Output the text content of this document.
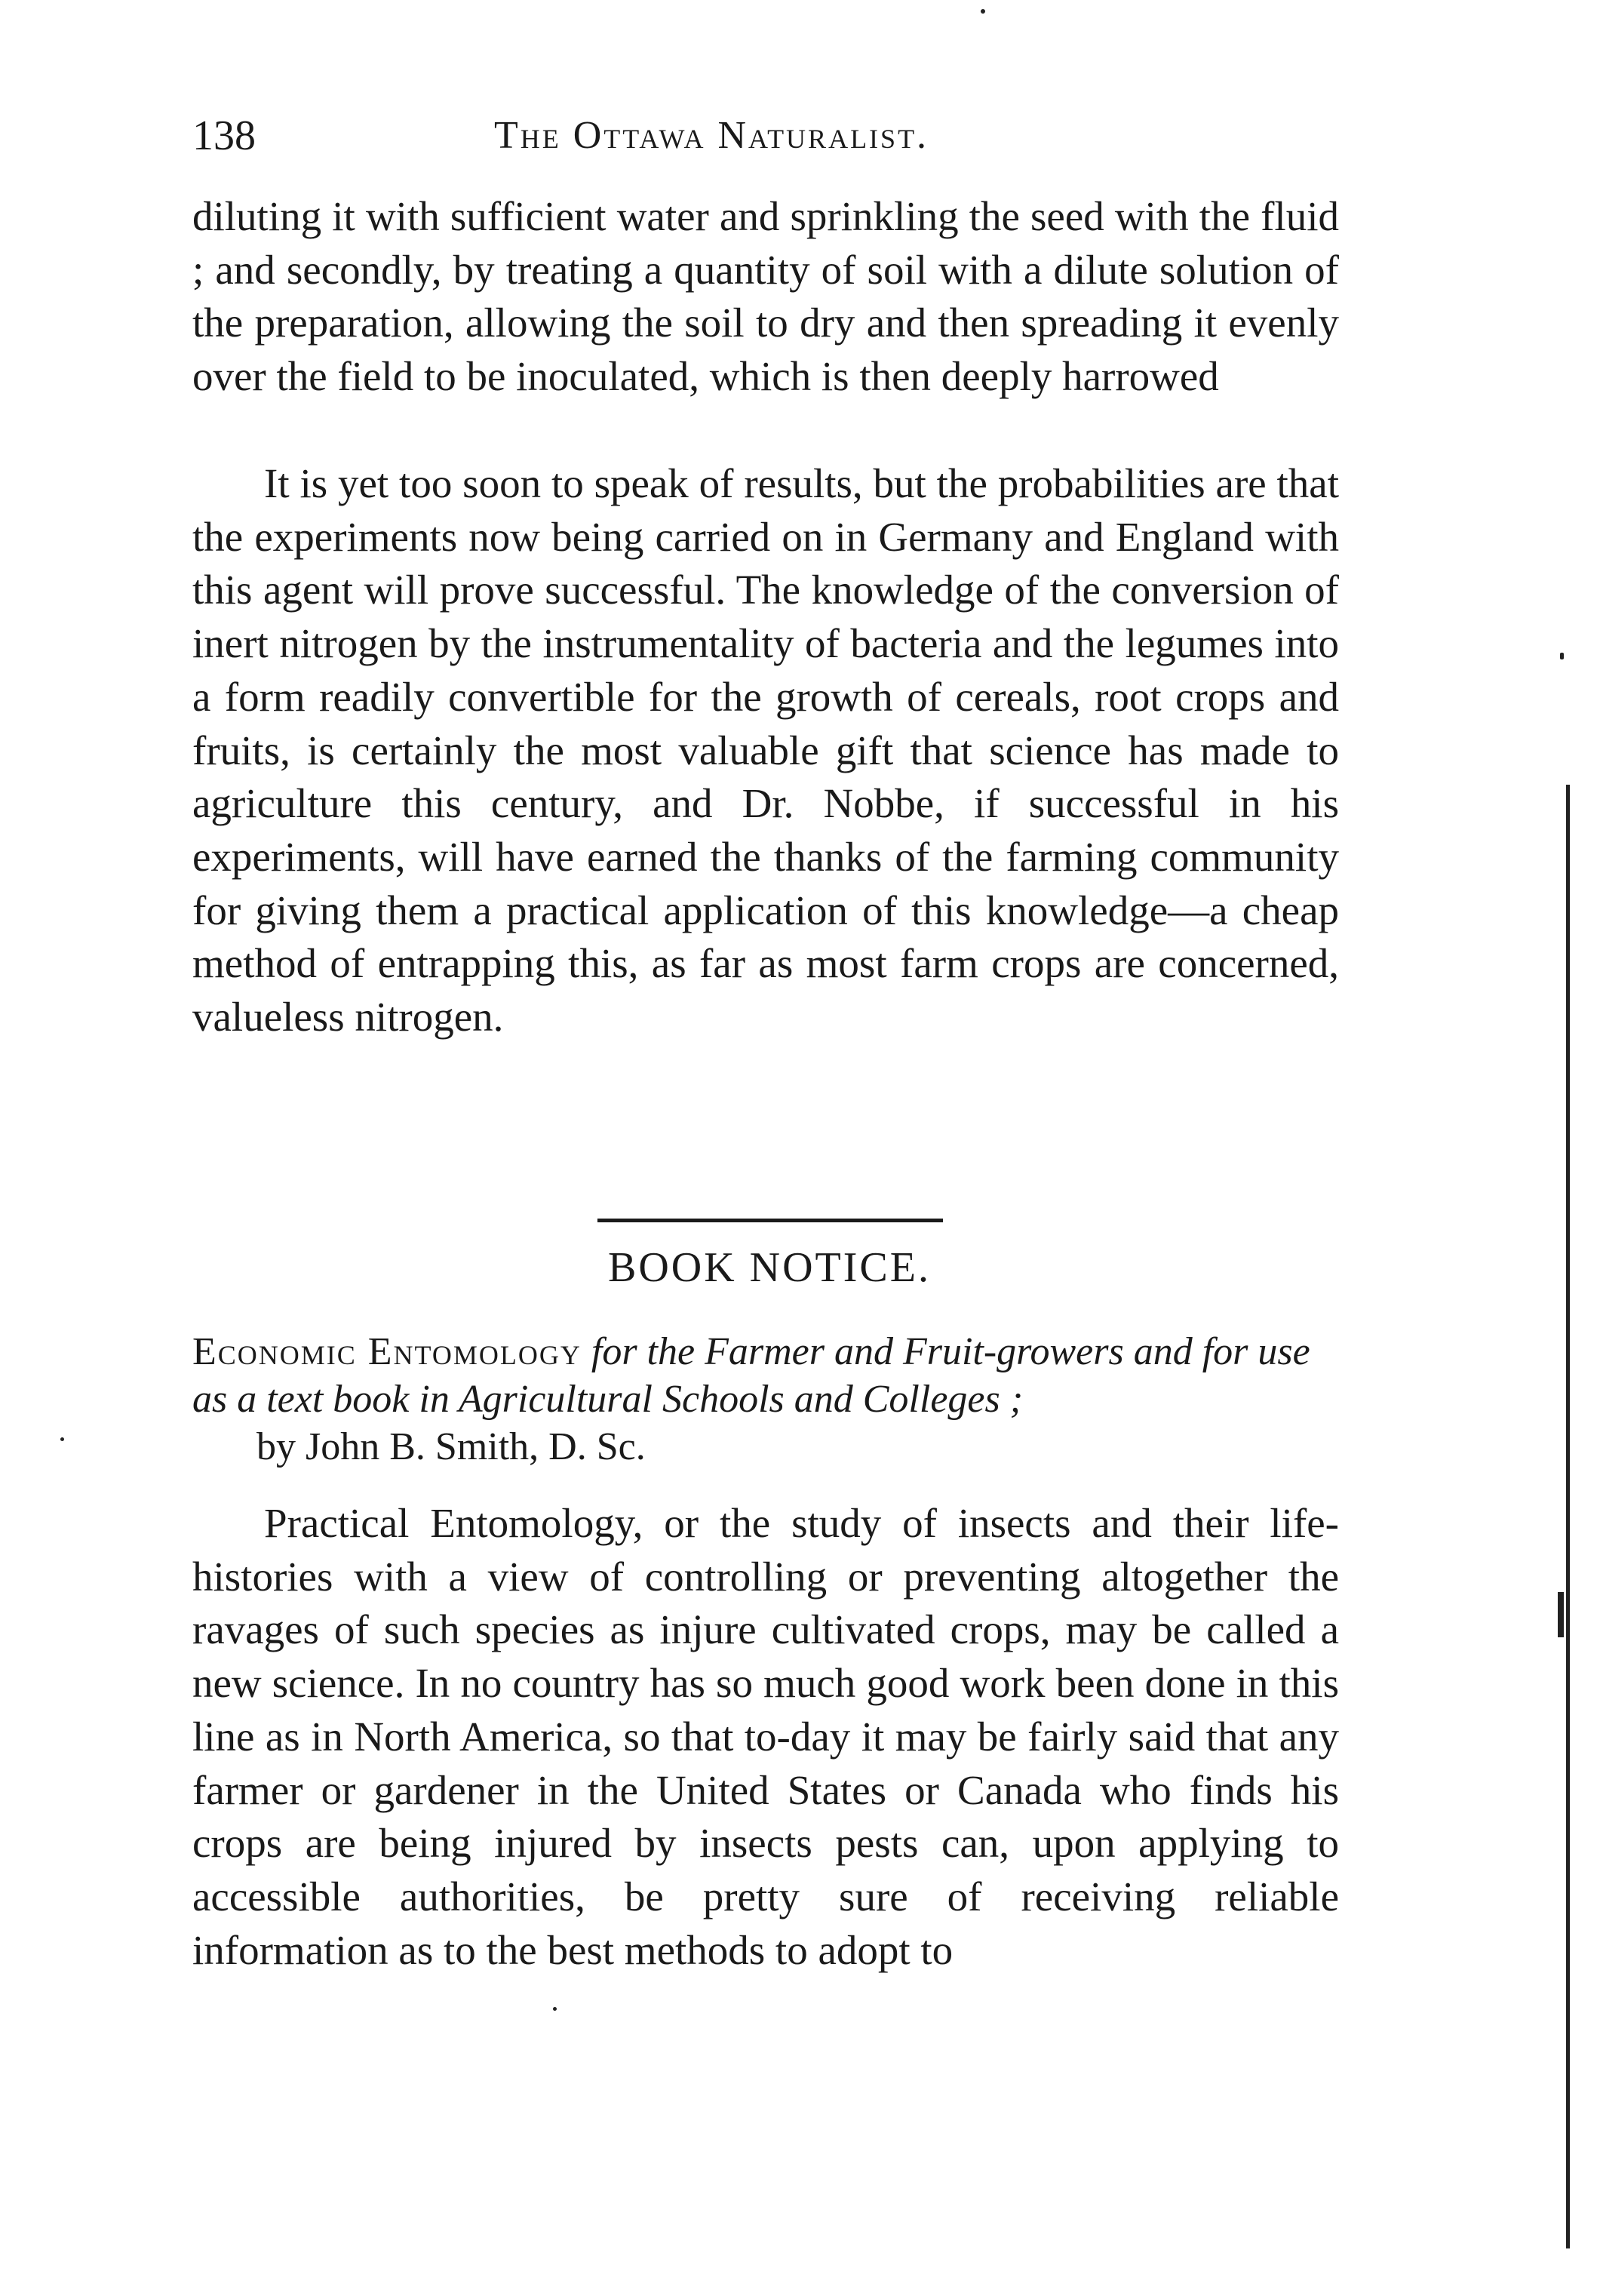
138	The Ottawa Naturalist.

diluting it with sufficient water and sprinkling the seed with the fluid ; and secondly, by treating a quantity of soil with a dilute solution of the preparation, allowing the soil to dry and then spreading it evenly over the field to be inoculated, which is then deeply harrowed

It is yet too soon to speak of results, but the probabilities are that the experiments now being carried on in Germany and England with this agent will prove successful. The knowledge of the conversion of inert nitrogen by the instrumentality of bacteria and the legumes into a form readily convertible for the growth of cereals, root crops and fruits, is certainly the most valuable gift that science has made to agriculture this century, and Dr. Nobbe, if successful in his experiments, will have earned the thanks of the farming community for giving them a practical application of this knowledge—a cheap method of entrapping this, as far as most farm crops are concerned, valueless nitrogen.

BOOK NOTICE.
Economic Entomology for the Farmer and Fruit-growers and for use as a text book in Agricultural Schools and Colleges ;
by John B. Smith, D. Sc.

Practical Entomology, or the study of insects and their life-histories with a view of controlling or preventing altogether the ravages of such species as injure cultivated crops, may be called a new science. In no country has so much good work been done in this line as in North America, so that to-day it may be fairly said that any farmer or gardener in the United States or Canada who finds his crops are being injured by insects pests can, upon applying to accessible authorities, be pretty sure of receiving reliable information as to the best methods to adopt to
